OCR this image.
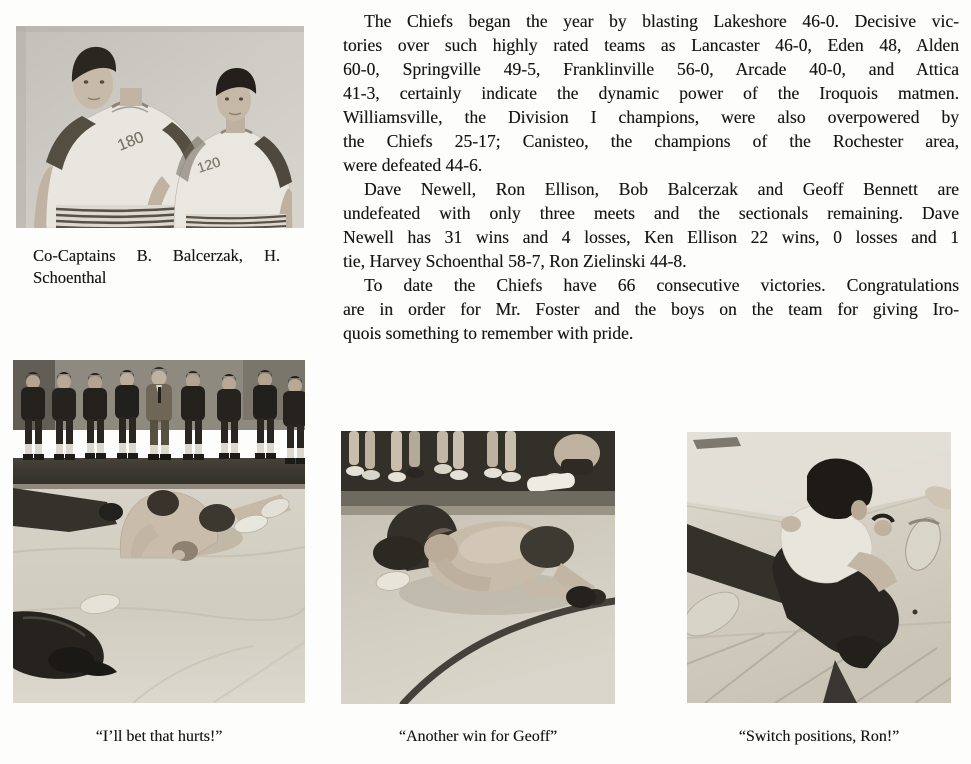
180
120
Co-Captains B. Balcerzak, H.
Schoenthal
The Chiefs began the year by blasting Lakeshore 46-0. Decisive vic-
tories over such highly rated teams as Lancaster 46-0, Eden 48, Alden
60-0, Springville 49-5, Franklinville 56-0, Arcade 40-0, and Attica
41-3, certainly indicate the dynamic power of the Iroquois matmen.
Williamsville, the Division I champions, were also overpowered by
the Chiefs 25-17; Canisteo, the champions of the Rochester area,
were defeated 44-6.
Dave Newell, Ron Ellison, Bob Balcerzak and Geoff Bennett are
undefeated with only three meets and the sectionals remaining. Dave
Newell has 31 wins and 4 losses, Ken Ellison 22 wins, 0 losses and 1
tie, Harvey Schoenthal 58-7, Ron Zielinski 44-8.
To date the Chiefs have 66 consecutive victories. Congratulations
are in order for Mr. Foster and the boys on the team for giving Iro-
quois something to remember with pride.
“I’ll bet that hurts!”	“Another win for Geoff”	“Switch positions, Ron!”
